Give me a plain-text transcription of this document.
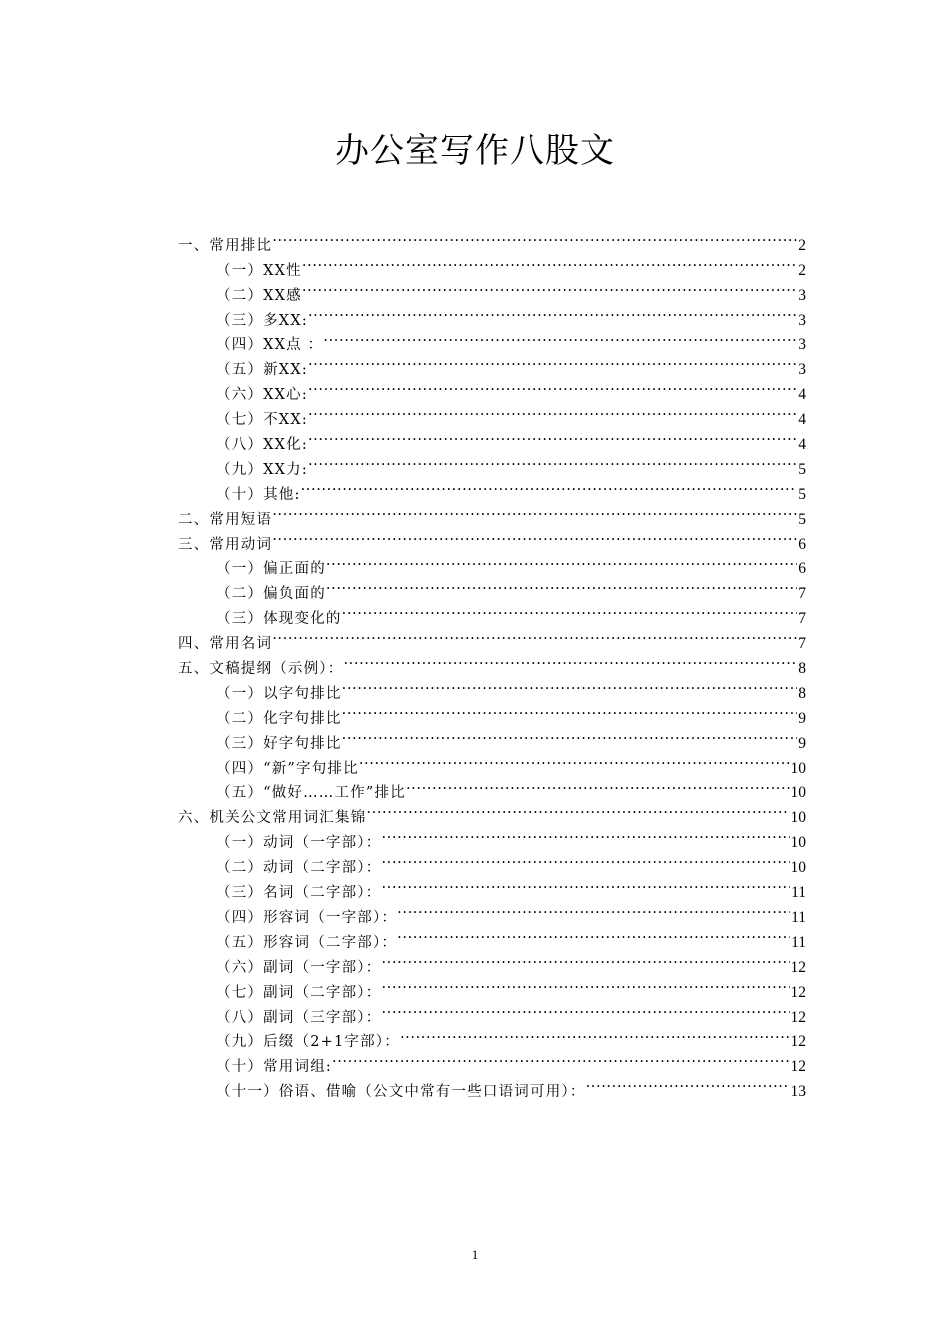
办公室写作八股文
一、常用排比 .....	2
（一）XX性 .....	2
（二）XX感 .....	3
（三）多XX: .....	3
（四）XX点 ： .....	3
（五）新XX: .....	3
（六）XX心: .....	4
（七）不XX: .....	4
（八）XX化: .....	4
（九）XX力: .....	5
（十）其他: .....	5
二、常用短语 .....	5
三、常用动词 .....	6
（一）偏正面的 .....	6
（二）偏负面的 .....	7
（三）体现变化的 .....	7
四、常用名词 .....	7
五、文稿提纲（示例）： .....	8
（一）以字句排比 .....	8
（二）化字句排比 .....	9
（三）好字句排比 .....	9
（四）“新”字句排比 .....	10
（五）“做好……工作”排比 .....	10
六、机关公文常用词汇集锦 .....	10
（一）动词（一字部）： .....	10
（二）动词（二字部）： .....	10
（三）名词（二字部）： .....	11
（四）形容词（一字部）： .....	11
（五）形容词（二字部）： .....	11
（六）副词（一字部）： .....	12
（七）副词（二字部）： .....	12
（八）副词（三字部）： .....	12
（九）后缀（2+1字部）： .....	12
（十）常用词组: .....	12
（十一）俗语、借喻（公文中常有一些口语词可用）： .....	13
1
